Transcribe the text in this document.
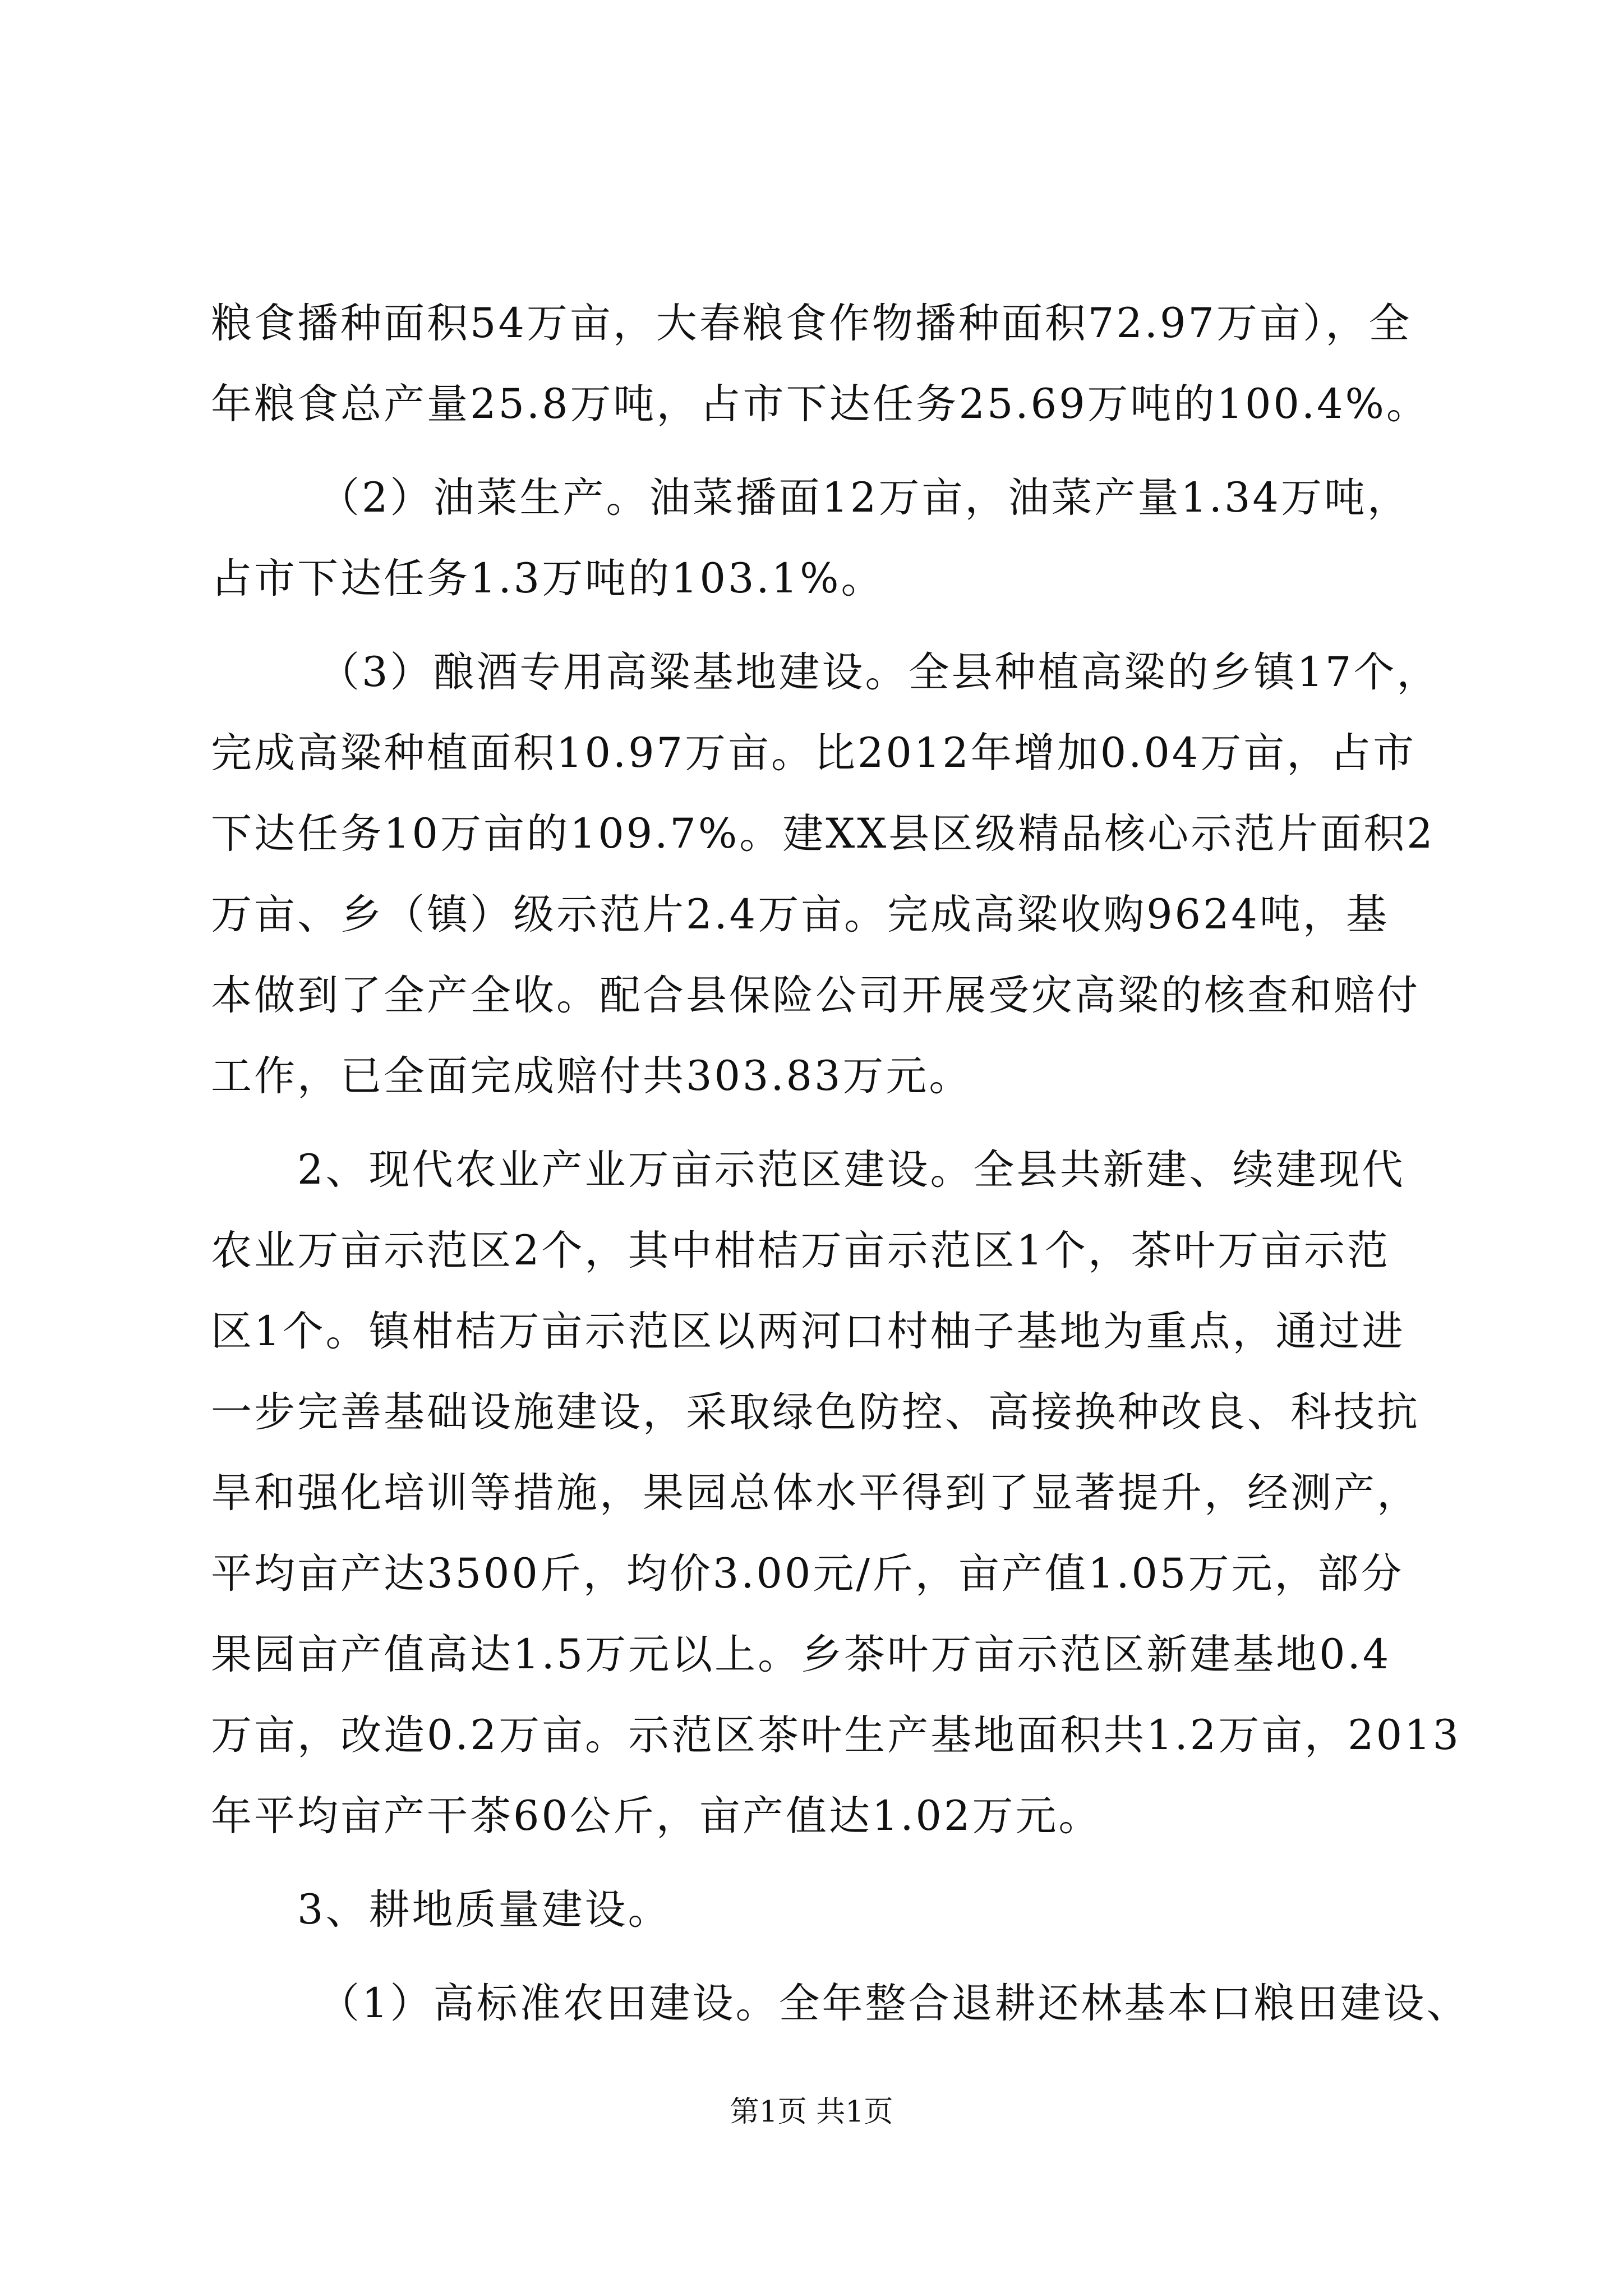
粮食播种面积54万亩，大春粮食作物播种面积72.97万亩），全
年粮食总产量25.8万吨，占市下达任务25.69万吨的100.4%。
（2）油菜生产。油菜播面12万亩，油菜产量1.34万吨，
占市下达任务1.3万吨的103.1%。
（3）酿酒专用高粱基地建设。全县种植高粱的乡镇17个，
完成高粱种植面积10.97万亩。比2012年增加0.04万亩，占市
下达任务10万亩的109.7%。建XX县区级精品核心示范片面积2
万亩、乡（镇）级示范片2.4万亩。完成高粱收购9624吨，基
本做到了全产全收。配合县保险公司开展受灾高粱的核查和赔付
工作，已全面完成赔付共303.83万元。
2、现代农业产业万亩示范区建设。全县共新建、续建现代
农业万亩示范区2个，其中柑桔万亩示范区1个，茶叶万亩示范
区1个。镇柑桔万亩示范区以两河口村柚子基地为重点，通过进
一步完善基础设施建设，采取绿色防控、高接换种改良、科技抗
旱和强化培训等措施，果园总体水平得到了显著提升，经测产，
平均亩产达3500斤，均价3.00元/斤，亩产值1.05万元，部分
果园亩产值高达1.5万元以上。乡茶叶万亩示范区新建基地0.4
万亩，改造0.2万亩。示范区茶叶生产基地面积共1.2万亩，2013
年平均亩产干茶60公斤，亩产值达1.02万元。
3、耕地质量建设。
（1）高标准农田建设。全年整合退耕还林基本口粮田建设、
第1页 共1页
